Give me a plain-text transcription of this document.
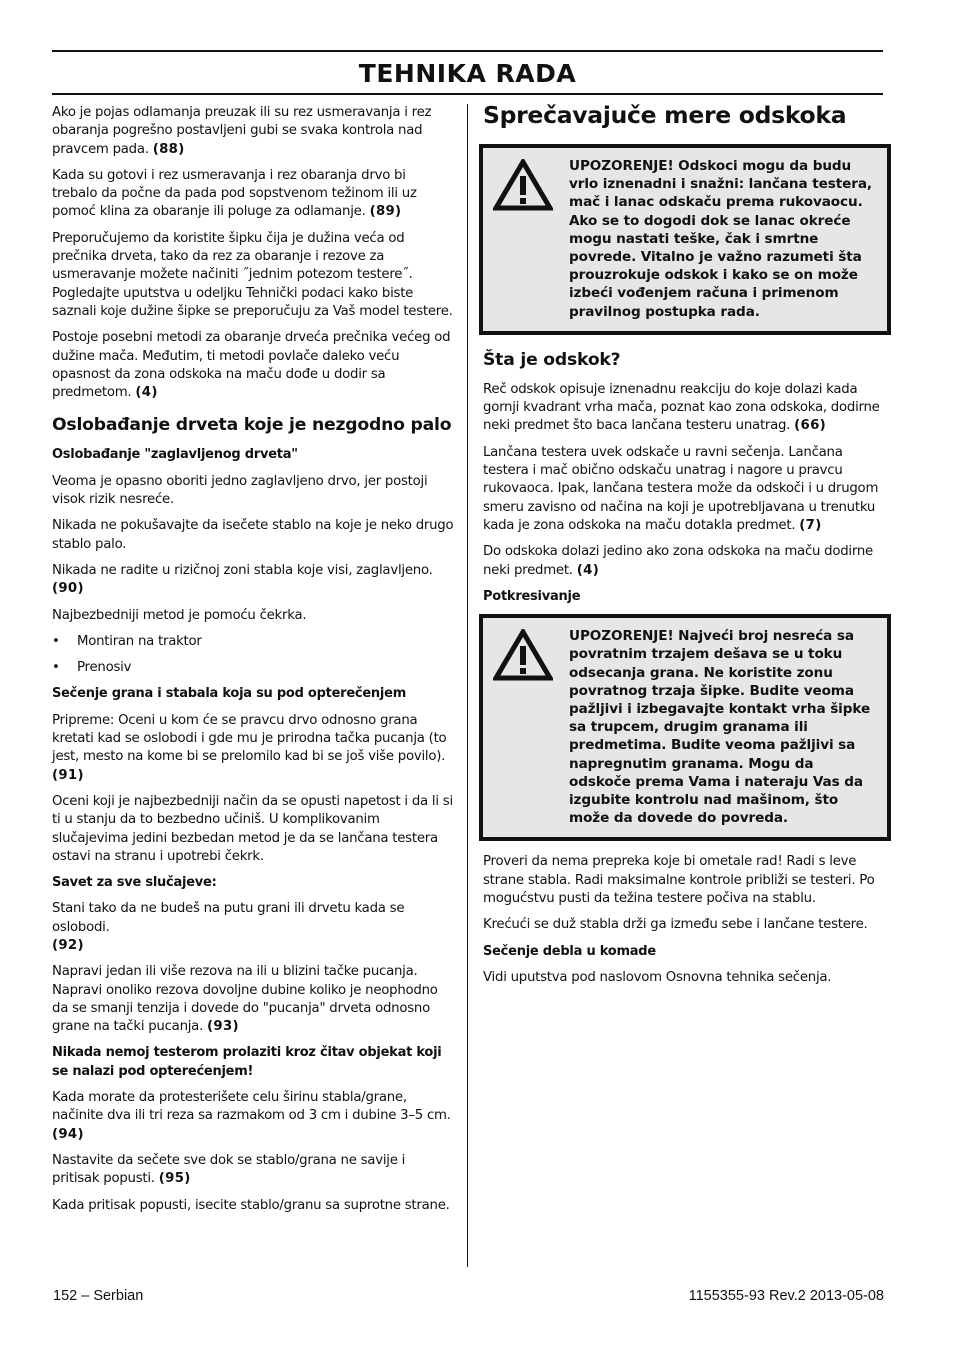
TEHNIKA RADA

Ako je pojas odlamanja preuzak ili su rez usmeravanja i rez obaranja pogrešno postavljeni gubi se svaka kontrola nad pravcem pada. (88)

Kada su gotovi i rez usmeravanja i rez obaranja drvo bi trebalo da počne da pada pod sopstvenom težinom ili uz pomoć klina za obaranje ili poluge za odlamanje. (89)

Preporučujemo da koristite šipku čija je dužina veća od prečnika drveta, tako da rez za obaranje i rezove za usmeravanje možete načiniti ˝jednim potezom testere˝. Pogledajte uputstva u odeljku Tehnički podaci kako biste saznali koje dužine šipke se preporučuju za Vaš model testere.

Postoje posebni metodi za obaranje drveća prečnika većeg od dužine mača. Međutim, ti metodi povlače daleko veću opasnost da zona odskoka na maču dođe u dodir sa predmetom. (4)

Oslobađanje drveta koje je nezgodno palo
Oslobađanje "zaglavljenog drveta"

Veoma je opasno oboriti jedno zaglavljeno drvo, jer postoji visok rizik nesreće.

Nikada ne pokušavajte da isečete stablo na koje je neko drugo stablo palo.

Nikada ne radite u rizičnoj zoni stabla koje visi, zaglavljeno.
(90)

Najbezbedniji metod je pomoću čekrka.

• Montiran na traktor
• Prenosiv
Sečenje grana i stabala koja su pod opterečenjem

Pripreme: Oceni u kom će se pravcu drvo odnosno grana kretati kad se oslobodi i gde mu je prirodna tačka pucanja (to jest, mesto na kome bi se prelomilo kad bi se još više povilo).
(91)

Oceni koji je najbezbedniji način da se opusti napetost i da li si ti u stanju da to bezbedno učiniš. U komplikovanim slučajevima jedini bezbedan metod je da se lančana testera ostavi na stranu i upotrebi čekrk.

Savet za sve slučajeve:

Stani tako da ne budeš na putu grani ili drvetu kada se oslobodi.
(92)

Napravi jedan ili više rezova na ili u blizini tačke pucanja. Napravi onoliko rezova dovoljne dubine koliko je neophodno da se smanji tenzija i dovede do "pucanja" drveta odnosno grane na tački pucanja. (93)

Nikada nemoj testerom prolaziti kroz čitav objekat koji se nalazi pod opterećenjem!

Kada morate da protesterišete celu širinu stabla/grane, načinite dva ili tri reza sa razmakom od 3 cm i dubine 3–5 cm.
(94)

Nastavite da sečete sve dok se stablo/grana ne savije i pritisak popusti. (95)

Kada pritisak popusti, isecite stablo/granu sa suprotne strane.

Sprečavajuče mere odskoka
UPOZORENJE! Odskoci mogu da budu vrlo iznenadni i snažni: lančana testera, mač i lanac odskaču prema rukovaocu. Ako se to dogodi dok se lanac okreće mogu nastati teške, čak i smrtne povrede. Vitalno je važno razumeti šta prouzrokuje odskok i kako se on može izbeći vođenjem računa i primenom pravilnog postupka rada.
Šta je odskok?

Reč odskok opisuje iznenadnu reakciju do koje dolazi kada gornji kvadrant vrha mača, poznat kao zona odskoka, dodirne neki predmet što baca lančana testeru unatrag. (66)

Lančana testera uvek odskače u ravni sečenja. Lančana testera i mač obično odskaču unatrag i nagore u pravcu rukovaoca. Ipak, lančana testera može da odskoči i u drugom smeru zavisno od načina na koji je upotrebljavana u trenutku kada je zona odskoka na maču dotakla predmet. (7)

Do odskoka dolazi jedino ako zona odskoka na maču dodirne neki predmet. (4)

Potkresivanje
UPOZORENJE! Najveći broj nesreća sa povratnim trzajem dešava se u toku odsecanja grana. Ne koristite zonu povratnog trzaja šipke. Budite veoma pažljivi i izbegavajte kontakt vrha šipke sa trupcem, drugim granama ili predmetima. Budite veoma pažljivi sa napregnutim granama. Mogu da odskoče prema Vama i nateraju Vas da izgubite kontrolu nad mašinom, što može da dovede do povreda.

Proveri da nema prepreka koje bi ometale rad! Radi s leve strane stabla. Radi maksimalne kontrole približi se testeri. Po mogućstvu pusti da težina testere počiva na stablu.

Krećući se duž stabla drži ga između sebe i lančane testere.

Sečenje debla u komade

Vidi uputstva pod naslovom Osnovna tehnika sečenja.

152 – Serbian	1155355-93 Rev.2 2013-05-08
